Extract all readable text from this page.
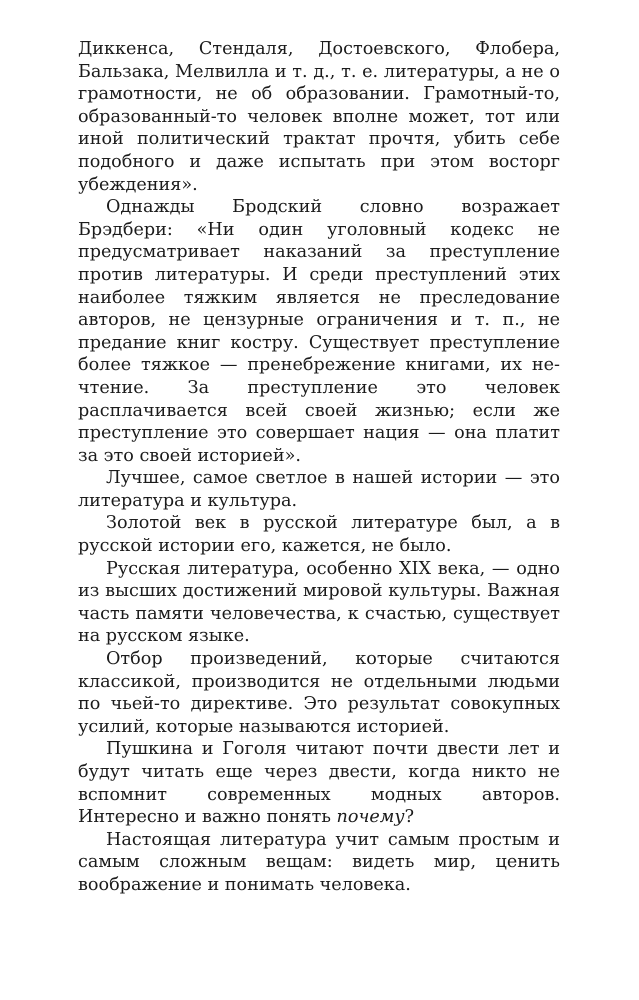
Диккенса, Стендаля, Достоевского, Флобера, Бальзака, Мелвилла и т. д., т. е. литературы, а не о грамотности, не об образовании. Грамотный-то, образованный-то человек вполне может, тот или иной политический трактат прочтя, убить себе подобного и даже испытать при этом восторг убеждения».

Однажды Бродский словно возражает Брэдбери: «Ни один уголовный кодекс не предусматривает наказаний за преступление против литературы. И среди преступлений этих наиболее тяжким является не преследование авторов, не цензурные ограничения и т. п., не предание книг костру. Существует преступление более тяжкое — пренебрежение книгами, их не-чтение. За преступление это человек расплачивается всей своей жизнью; если же преступление это совершает нация — она платит за это своей историей».

Лучшее, самое светлое в нашей истории — это литература и культура.

Золотой век в русской литературе был, а в русской истории его, кажется, не было.

Русская литература, особенно XIX века, — одно из высших достижений мировой культуры. Важная часть памяти человечества, к счастью, существует на русском языке.

Отбор произведений, которые считаются классикой, производится не отдельными людьми по чьей-то директиве. Это результат совокупных усилий, которые называются историей.

Пушкина и Гоголя читают почти двести лет и будут читать еще через двести, когда никто не вспомнит современных модных авторов. Интересно и важно понять почему?

Настоящая литература учит самым простым и самым сложным вещам: видеть мир, ценить воображение и понимать человека.
